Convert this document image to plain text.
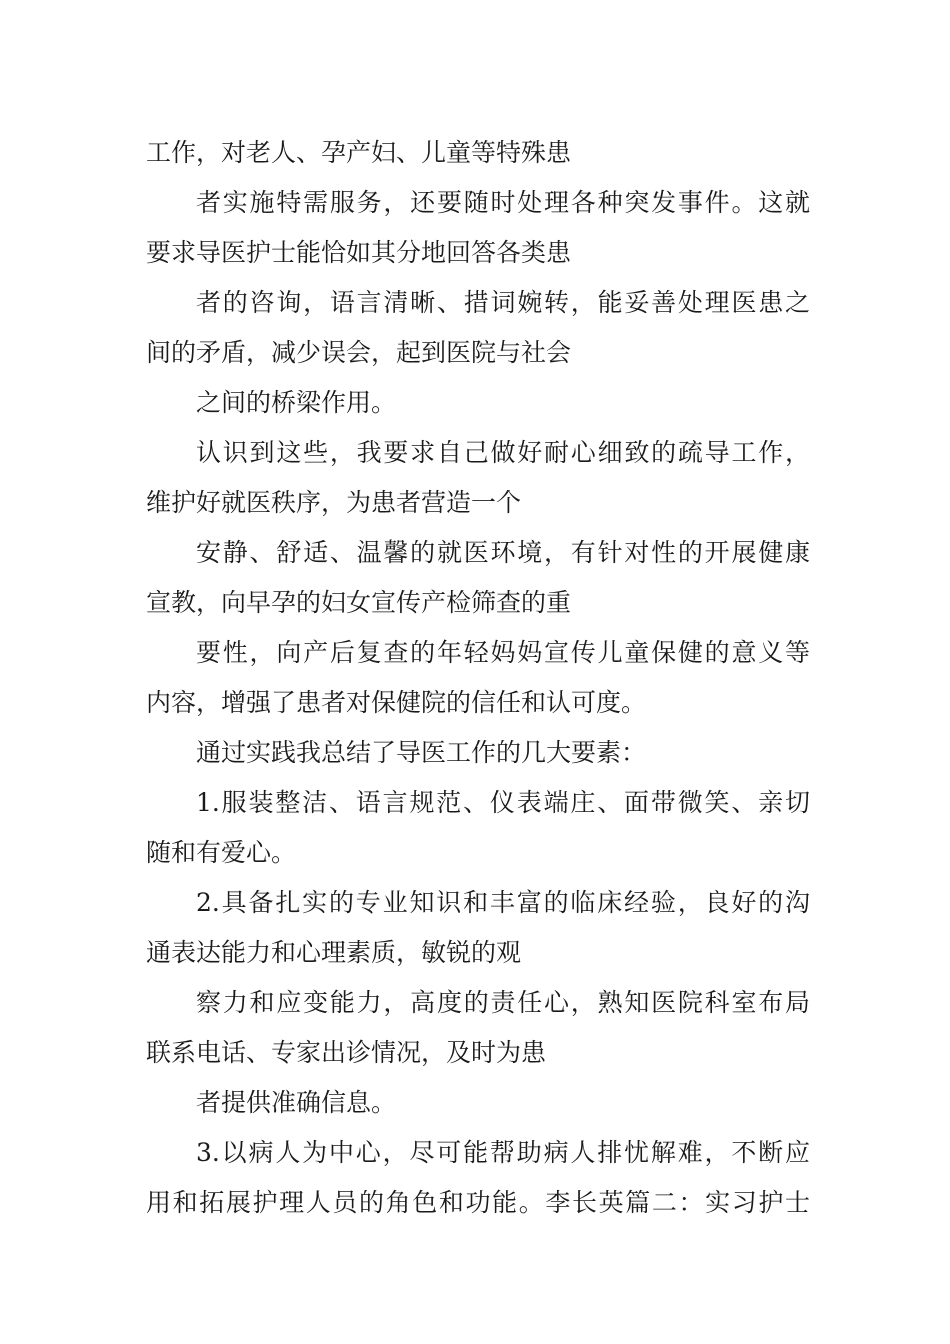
工作，对老人、孕产妇、儿童等特殊患
者实施特需服务，还要随时处理各种突发事件。这就
要求导医护士能恰如其分地回答各类患
者的咨询，语言清晰、措词婉转，能妥善处理医患之
间的矛盾，减少误会，起到医院与社会
之间的桥梁作用。
认识到这些，我要求自己做好耐心细致的疏导工作，
维护好就医秩序，为患者营造一个
安静、舒适、温馨的就医环境，有针对性的开展健康
宣教，向早孕的妇女宣传产检筛查的重
要性，向产后复查的年轻妈妈宣传儿童保健的意义等
内容，增强了患者对保健院的信任和认可度。
通过实践我总结了导医工作的几大要素：
1.服装整洁、语言规范、仪表端庄、面带微笑、亲切
随和有爱心。
2.具备扎实的专业知识和丰富的临床经验，良好的沟
通表达能力和心理素质，敏锐的观
察力和应变能力，高度的责任心，熟知医院科室布局
联系电话、专家出诊情况，及时为患
者提供准确信息。
3.以病人为中心，尽可能帮助病人排忧解难，不断应
用和拓展护理人员的角色和功能。李长英篇二：实习护士
